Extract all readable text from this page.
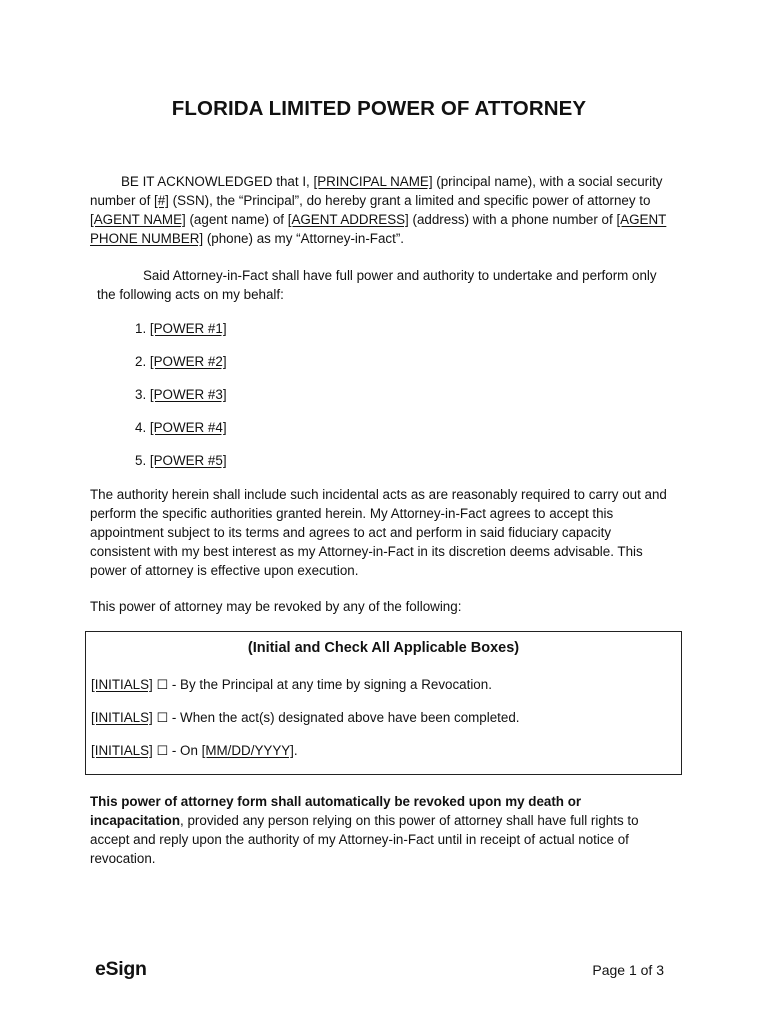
FLORIDA LIMITED POWER OF ATTORNEY
BE IT ACKNOWLEDGED that I, [PRINCIPAL NAME] (principal name), with a social security number of [#] (SSN), the “Principal”, do hereby grant a limited and specific power of attorney to [AGENT NAME] (agent name) of [AGENT ADDRESS] (address) with a phone number of [AGENT PHONE NUMBER] (phone) as my “Attorney-in-Fact”.
Said Attorney-in-Fact shall have full power and authority to undertake and perform only the following acts on my behalf:
1. [POWER #1]
2. [POWER #2]
3. [POWER #3]
4. [POWER #4]
5. [POWER #5]
The authority herein shall include such incidental acts as are reasonably required to carry out and perform the specific authorities granted herein. My Attorney-in-Fact agrees to accept this appointment subject to its terms and agrees to act and perform in said fiduciary capacity consistent with my best interest as my Attorney-in-Fact in its discretion deems advisable. This power of attorney is effective upon execution.
This power of attorney may be revoked by any of the following:
(Initial and Check All Applicable Boxes)
[INITIALS] ☐ - By the Principal at any time by signing a Revocation.
[INITIALS] ☐ - When the act(s) designated above have been completed.
[INITIALS] ☐ - On [MM/DD/YYYY].
This power of attorney form shall automatically be revoked upon my death or incapacitation, provided any person relying on this power of attorney shall have full rights to accept and reply upon the authority of my Attorney-in-Fact until in receipt of actual notice of revocation.
eSign	Page 1 of 3
